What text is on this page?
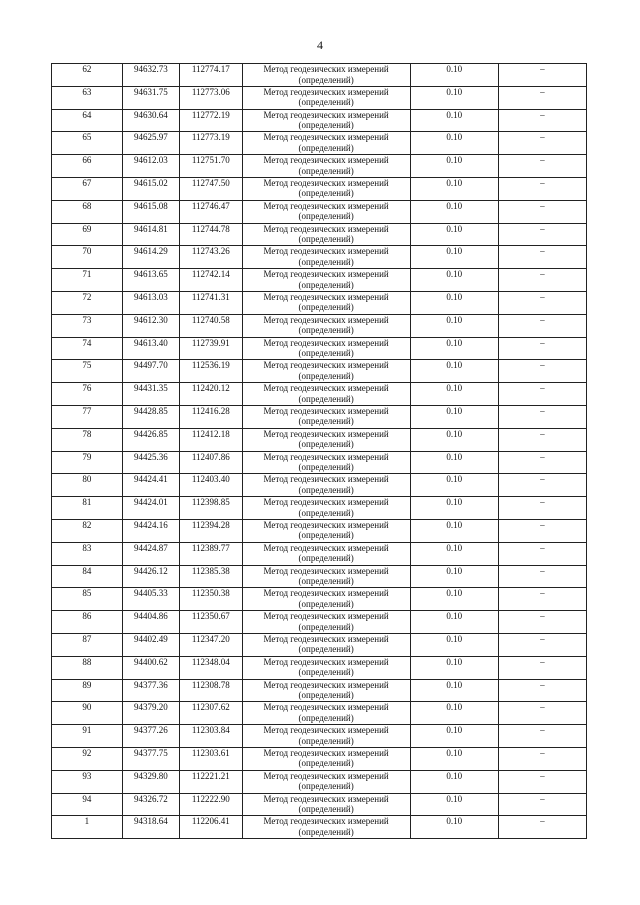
4
62	94632.73	112774.17	Метод геодезических измерений
(определений)	0.10	–
63	94631.75	112773.06	Метод геодезических измерений
(определений)	0.10	–
64	94630.64	112772.19	Метод геодезических измерений
(определений)	0.10	–
65	94625.97	112773.19	Метод геодезических измерений
(определений)	0.10	–
66	94612.03	112751.70	Метод геодезических измерений
(определений)	0.10	–
67	94615.02	112747.50	Метод геодезических измерений
(определений)	0.10	–
68	94615.08	112746.47	Метод геодезических измерений
(определений)	0.10	–
69	94614.81	112744.78	Метод геодезических измерений
(определений)	0.10	–
70	94614.29	112743.26	Метод геодезических измерений
(определений)	0.10	–
71	94613.65	112742.14	Метод геодезических измерений
(определений)	0.10	–
72	94613.03	112741.31	Метод геодезических измерений
(определений)	0.10	–
73	94612.30	112740.58	Метод геодезических измерений
(определений)	0.10	–
74	94613.40	112739.91	Метод геодезических измерений
(определений)	0.10	–
75	94497.70	112536.19	Метод геодезических измерений
(определений)	0.10	–
76	94431.35	112420.12	Метод геодезических измерений
(определений)	0.10	–
77	94428.85	112416.28	Метод геодезических измерений
(определений)	0.10	–
78	94426.85	112412.18	Метод геодезических измерений
(определений)	0.10	–
79	94425.36	112407.86	Метод геодезических измерений
(определений)	0.10	–
80	94424.41	112403.40	Метод геодезических измерений
(определений)	0.10	–
81	94424.01	112398.85	Метод геодезических измерений
(определений)	0.10	–
82	94424.16	112394.28	Метод геодезических измерений
(определений)	0.10	–
83	94424.87	112389.77	Метод геодезических измерений
(определений)	0.10	–
84	94426.12	112385.38	Метод геодезических измерений
(определений)	0.10	–
85	94405.33	112350.38	Метод геодезических измерений
(определений)	0.10	–
86	94404.86	112350.67	Метод геодезических измерений
(определений)	0.10	–
87	94402.49	112347.20	Метод геодезических измерений
(определений)	0.10	–
88	94400.62	112348.04	Метод геодезических измерений
(определений)	0.10	–
89	94377.36	112308.78	Метод геодезических измерений
(определений)	0.10	–
90	94379.20	112307.62	Метод геодезических измерений
(определений)	0.10	–
91	94377.26	112303.84	Метод геодезических измерений
(определений)	0.10	–
92	94377.75	112303.61	Метод геодезических измерений
(определений)	0.10	–
93	94329.80	112221.21	Метод геодезических измерений
(определений)	0.10	–
94	94326.72	112222.90	Метод геодезических измерений
(определений)	0.10	–
1	94318.64	112206.41	Метод геодезических измерений
(определений)	0.10	–
